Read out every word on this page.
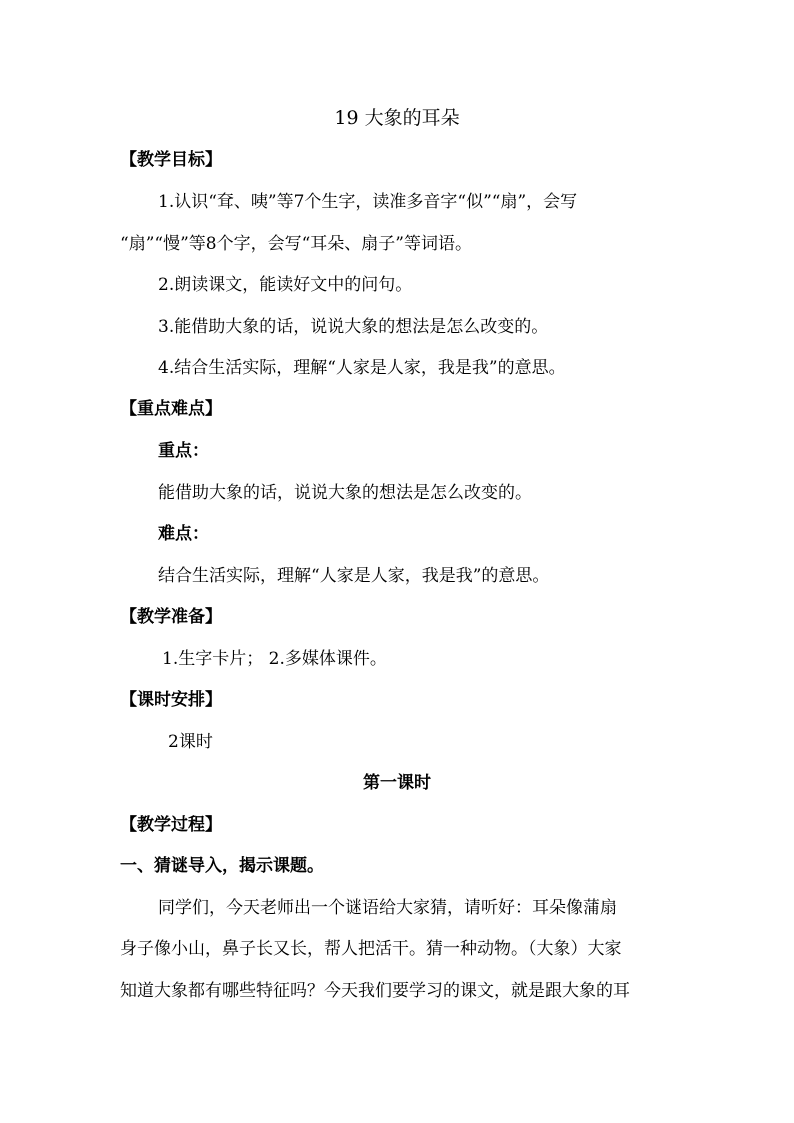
19 大象的耳朵
【教学目标】
1.认识“耷、咦”等7个生字，读准多音字“似”“扇”，会写
“扇”“慢”等8个字，会写“耳朵、扇子”等词语。
2.朗读课文，能读好文中的问句。
3.能借助大象的话，说说大象的想法是怎么改变的。
4.结合生活实际，理解“人家是人家，我是我”的意思。
【重点难点】
重点：
能借助大象的话，说说大象的想法是怎么改变的。
难点：
结合生活实际，理解“人家是人家，我是我”的意思。
【教学准备】
1.生字卡片； 2.多媒体课件。
【课时安排】
2课时
第一课时
【教学过程】
一、猜谜导入，揭示课题。
同学们，今天老师出一个谜语给大家猜，请听好：耳朵像蒲扇
身子像小山，鼻子长又长，帮人把活干。猜一种动物。（大象）大家
知道大象都有哪些特征吗？今天我们要学习的课文，就是跟大象的耳
